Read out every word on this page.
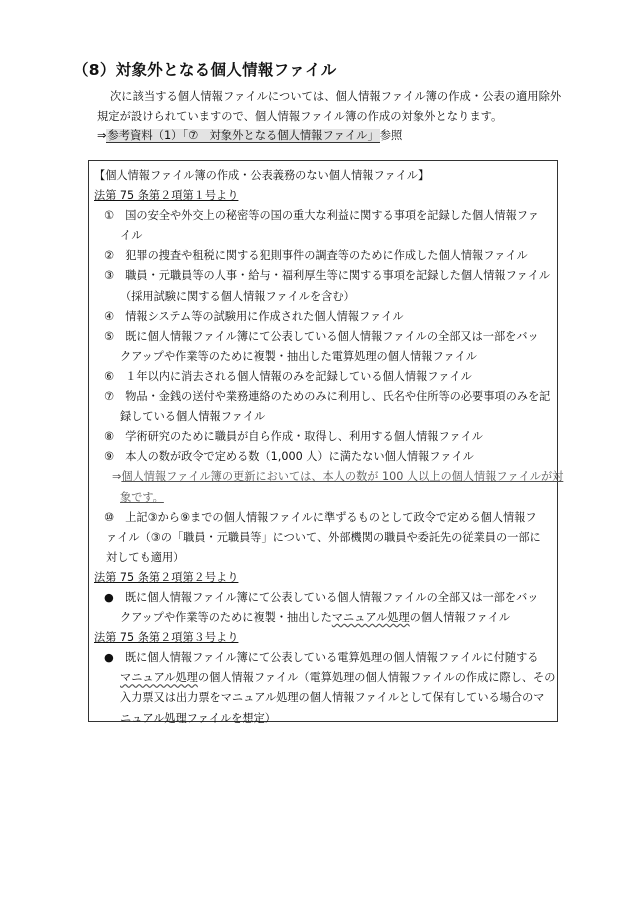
（8）対象外となる個人情報ファイル

次に該当する個人情報ファイルについては、個人情報ファイル簿の作成・公表の適用除外

規定が設けられていますので、個人情報ファイル簿の作成の対象外となります。

⇒参考資料（1）「⑦　対象外となる個人情報ファイル」参照

【個人情報ファイル簿の作成・公表義務のない個人情報ファイル】

法第 75 条第２項第１号より

①　国の安全や外交上の秘密等の国の重大な利益に関する事項を記録した個人情報ファ

イル

②　犯罪の捜査や租税に関する犯則事件の調査等のために作成した個人情報ファイル

③　職員・元職員等の人事・給与・福利厚生等に関する事項を記録した個人情報ファイル

（採用試験に関する個人情報ファイルを含む）

④　情報システム等の試験用に作成された個人情報ファイル

⑤　既に個人情報ファイル簿にて公表している個人情報ファイルの全部又は一部をバッ

クアップや作業等のために複製・抽出した電算処理の個人情報ファイル

⑥　１年以内に消去される個人情報のみを記録している個人情報ファイル

⑦　物品・金銭の送付や業務連絡のためのみに利用し、氏名や住所等の必要事項のみを記

録している個人情報ファイル

⑧　学術研究のために職員が自ら作成・取得し、利用する個人情報ファイル

⑨　本人の数が政令で定める数（1,000 人）に満たない個人情報ファイル

⇒個人情報ファイル簿の更新においては、本人の数が 100 人以上の個人情報ファイルが対

象です。

⑩　上記③から⑨までの個人情報ファイルに準ずるものとして政令で定める個人情報フ

ァイル（③の「職員・元職員等」について、外部機関の職員や委託先の従業員の一部に

対しても適用）

法第 75 条第２項第２号より

●　既に個人情報ファイル簿にて公表している個人情報ファイルの全部又は一部をバッ

クアップや作業等のために複製・抽出したマニュアル処理の個人情報ファイル

法第 75 条第２項第３号より

●　既に個人情報ファイル簿にて公表している電算処理の個人情報ファイルに付随する

マニュアル処理の個人情報ファイル（電算処理の個人情報ファイルの作成に際し、その

入力票又は出力票をマニュアル処理の個人情報ファイルとして保有している場合のマ

ニュアル処理ファイルを想定）
